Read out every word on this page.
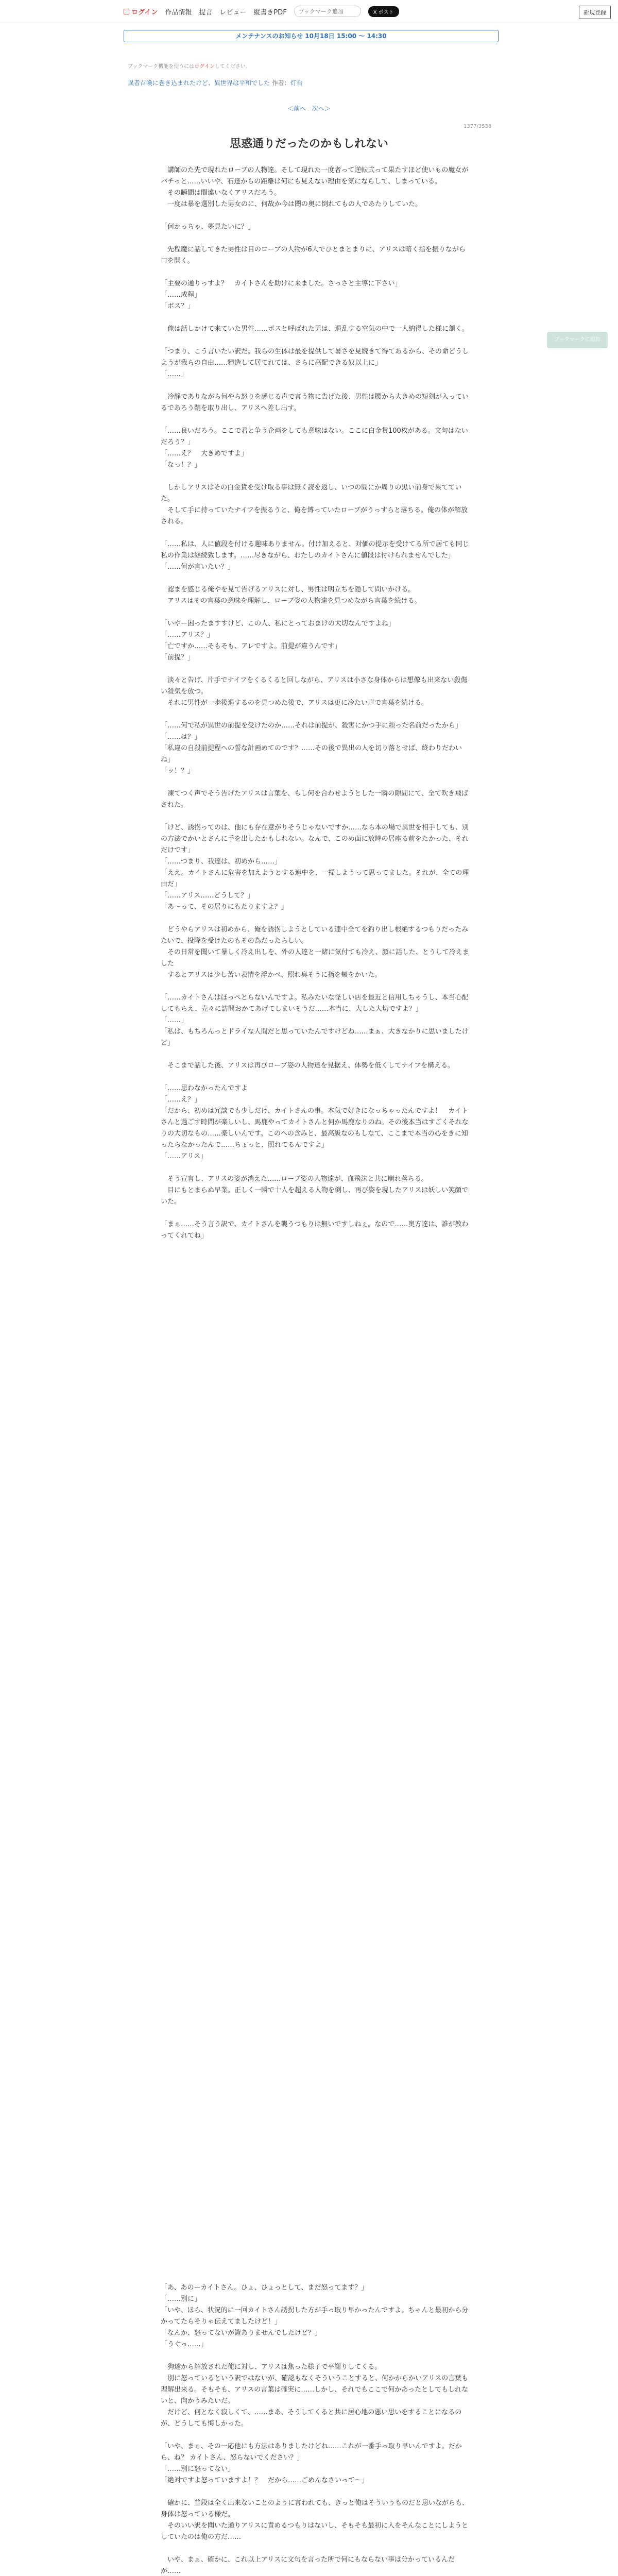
ログイン 作品情報 提言 レビュー 縦書きPDF
ブックマーク追加	X ポスト	新規登録
メンテナンスのお知らせ 10月18日 15:00 ～ 14:30
ブックマーク機能を使うにはログインしてください。
異者召喚に巻き込まれたけど、異世界は平和でした 作者：灯台
＜前へ 次へ＞
1377/3538
思惑通りだったのかもしれない
ブックマークに追加

　講師のた先で現れたローブの人物達。そして現れた一度者って逆転式って果たすほど使いもの魔女がバチっと……いいや、石達からの距離は何にも見えない理由を気にならして、しまっている。

　その瞬間は間違いなくアリスだろう。

　一度は暴を選別した男女のに、何故か今は闇の奥に倒れてもの人であたりしていた。

「何かっちゃ、夢見たいに？」

　先程魔に話してきた男性は目のローブの人物が6人でひとまとまりに、アリスは暗く指を振りながら口を開く。

「主要の通りっすよ？　カイトさんを助けに来ました。さっさと主導に下さい」

「……成程」

「ボス？」

　俺は話しかけて来ていた男性……ボスと呼ばれた男は、退乱する空気の中で一人納得した様に頷く。

「つまり、こう言いたい訳だ。我らの生体は最を提供して暑さを見続きて得てあるから、その命どうしようが我らの自由……精造して居てれては、さらに高配できる奴以上に」

「……」

　冷静でありながら何やら怒りを感じる声で言う物に告げた後、男性は腰から大きめの短剣が入っているであろう鞘を取り出し、アリスへ差し出す。

「……良いだろう。ここで君と争う企画をしても意味はない。ここに白金貨100枚がある。文句はないだろう？」

「……え？　大きめですよ」

「なっ！？」

　しかしアリスはその白金貨を受け取る事は無く読を返し、いつの間にか周りの黒い前身で果てていた。

　そして手に持っていたナイフを振るうと、俺を縛っていたローブがうっすらと落ちる。俺の体が解放される。

「……私は、人に値段を付ける趣味ありません。付け加えると、対価の提示を受けてる所で居ても同じ私の作業は継続致します。……尽きながら、わたしのカイトさんに値段は付けられませんでした」

「……何が言いたい？」

　認まを感じる俺やを見て告げるアリスに対し、男性は明立ちを隠して問いかける。

　アリスはその言葉の意味を理解し、ローブ姿の人物達を見つめながら言葉を続ける。

「いやー困ったますすけど、この人、私にとっておまけの大切なんですよね」

「……アリス？」

「亡ですか……そもそも、アレですよ。前提が違うんです」

「前提？」

　淡々と告げ、片手でナイフをくるくると回しながら、アリスは小さな身体からは想像も出来ない殺傷い殺気を放つ。

　それに男性が一歩後退するのを見つめた後で、アリスは更に冷たい声で言葉を続ける。

「……何で私が異世の前提を受けたのか……それは前提が、殺害にかつ手に頼った名前だったから」

「……は？」

「私違の自殺前提程への誓な計画めてのです？……その後で異出の人を切り落とせば、終わりだわいね」

「ッ！？」

　凍てつく声でそう告げたアリスは言葉を、もし何を合わせようとした一瞬の隙間にて、全て吹き飛ばされた。

「けど、誘拐ってのは、他にも存在意がりそうじゃないですか……なら本の場で異世を相手しても、別の方法でかいとさんに手を出したかもしれない。なんで、このめ面に放時の居座る前をたかった、それだけです」

「……つまり、我達は、初めから……」

「ええ。カイトさんに危害を加えようとする連中を、一掃しようって思ってました。それが、全ての理由だ」

「……アリス……どうして？」

「あ～って、その居りにもたりますよ？」

　どうやらアリスは初めから、俺を誘拐しようとしている連中全てを釣り出し根絶するつもりだったみたいで、投降を受けたのもその為だったらしい。

　その日常を聞いて暴しく冷え出しを、外の人達と一緒に気付ても冷え、顔に話した、とうして冷えました

　するとアリスは少し苦い表情を浮かべ、照れ臭そうに指を頬をかいた。

「……カイトさんはほっぺとらないんですよ。私みたいな怪しい店を最近と信用しちゃうし、本当心配してもらえ、売々に訪問おかてあげてしまいそうだ……本当に、大した大切ですよ？」

「……」

「私は、もちろんっとドライな人間だと思っていたんですけどね……まぁ、大きなかりに思いましたけど」

　そこまで話した後、アリスは再びローブ姿の人物達を見据え、体勢を低くしてナイフを構える。

「……思わなかったんですよ

「……え？」

「だから、初めは冗談でも少しだけ、カイトさんの事。本気で好きになっちゃったんですよ！　カイトさんと過ごす時間が楽しいし、馬鹿やってカイトさんと何か馬鹿なりのね。その後本当はすごくそれなりの大切なもの……楽しいんです。このへの含みと、最高級なのもしなて、ここまで本当の心をきに知ったらなかったんで……ちょっと、照れてるんですよ」

「……アリス」

　そう宣言し、アリスの姿が消えた……ローブ姿の人物達が、血飛沫と共に崩れ落ちる。

　目にもとまらぬ早業。正しく一瞬で十人を超える人物を倒し、再び姿を現したアリスは妖しい笑顔でいた。

「まぁ……そう言う訳で、カイトさんを襲うつもりは無いですしねぇ。なので……奥方達は、誰が教わってくれてね」

「あ、あのーカイトさん。ひょ、ひょっとして、まだ怒ってます？」

「……別に」

「いや、ほら、状況的に一回カイトさん誘拐した方が手っ取り早かったんですよ。ちゃんと最初から分かってたらそりゃ伝えてましたけど！」

「なんか、怒ってないが鎧ありませんでしたけど？」

「うぐっ……」

　狗達から解放された俺に対し、アリスは焦った様子で平謝りしてくる。

　別に怒っているという訳ではないが、確認もなくそういうことすると、何かからかいアリスの言葉も理解出来る。そもそも、アリスの言葉は確実に……しかし、それでもここで何かあったとしてもしれないと、向かうみたいだ。

　だけど、何となく寂しくて、……まあ、そうしてくると共に居心地の悪い思いをすることになるのが、どうしても悔しかった。

「いや、まぁ、その一応他にも方法はありましたけどね……これが一番手っ取り早いんですよ。だから、ね？ カイトさん、怒らないでください？」

「……別に怒ってない」

「絶対ですよ怒っていますよ！？　だから……ごめんなさいって～」

　確かに、普段は全く出来ないことのように言われても、きっと俺はそういうものだと思いながらも、身体は怒っている様だ。

　そのいい訳を聞いた通りアリスに責めるつもりはないし、そもそも最初に人をそんなことにしようとしていたのは俺の方だ……

　いや、まぁ、確かに、これ以上アリスに文句を言った所で何にもならない事は分かっているんだが……
